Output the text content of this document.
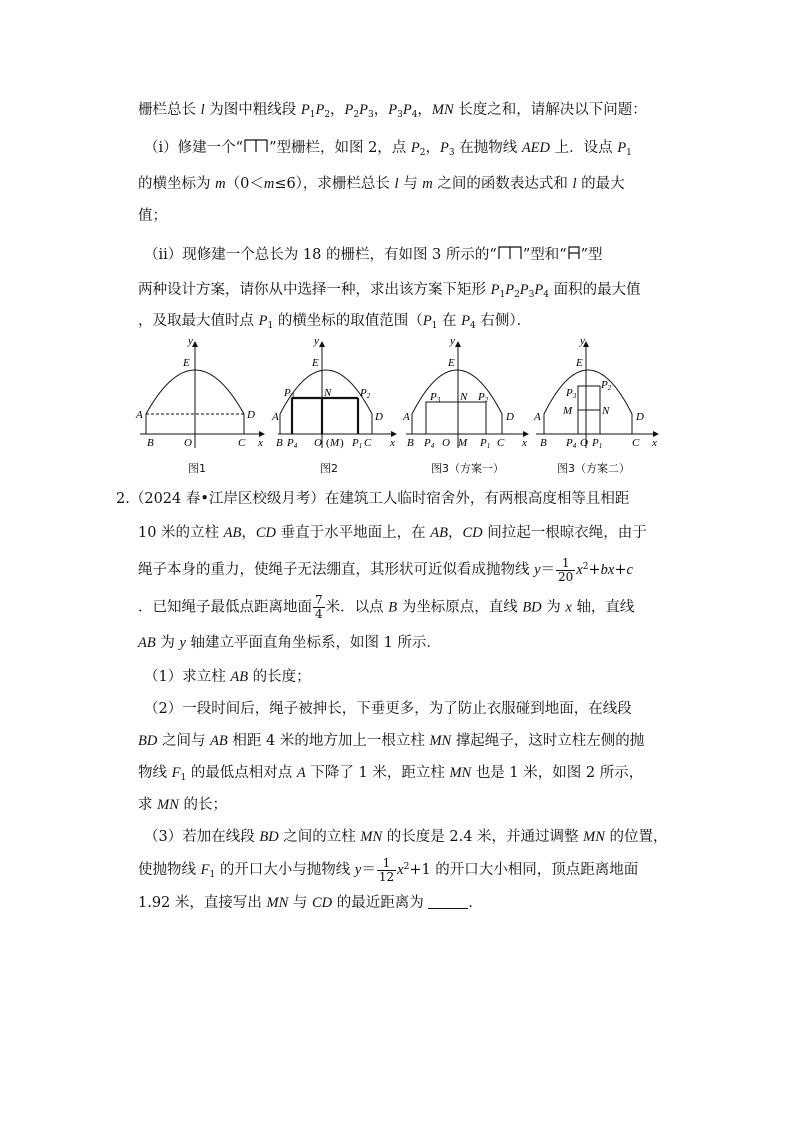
栅栏总长 l 为图中粗线段 $P_1P_2$，$P_2P_3$，$P_3P_4$，MN 长度之和，请解决以下问题：
（ⅰ）修建一个“ ”型栅栏，如图 2，点 $P_2$，$P_3$ 在抛物线 AED 上．设点 $P_1$
的横坐标为 m（0＜m≤6），求栅栏总长 l 与 m 之间的函数表达式和 l 的最大
值；
（ⅱ）现修建一个总长为 18 的栅栏，有如图 3 所示的“ ”型和“ ”型
两种设计方案，请你从中选择一种，求出该方案下矩形 $P_1P_2P_3P_4$ 面积的最大值
，及取最大值时点 $P_1$ 的横坐标的取值范围（$P_1$ 在 $P_4$ 右侧）．
y
E
A	D
B	O	C x
图1
y
E
P3	N	P2
A	D
B P4 O ( M ) P1 C x
图2
y
E
P3 N P2
A	D
B P4 O M P1 C x
图3（方案一）
y
E
P3
P2
M	N
A	D
B P4 O P1	C x
图3（方案二）
2.（2024 春•江岸区校级月考）在建筑工人临时宿舍外，有两根高度相等且相距
10 米的立柱 AB，CD 垂直于水平地面上，在 AB，CD 间拉起一根晾衣绳，由于
绳子本身的重力，使绳子无法绷直，其形状可近似看成抛物线 $y= \frac{1}{20} x^2+bx+c$
．已知绳子最低点距离地面 $\frac{7}{4}$ 米．以点 B 为坐标原点，直线 BD 为 x 轴，直线
AB 为 y 轴建立平面直角坐标系，如图 1 所示．
（1）求立柱 AB 的长度；
（2）一段时间后，绳子被抻长，下垂更多，为了防止衣服碰到地面，在线段
BD 之间与 AB 相距 4 米的地方加上一根立柱 MN 撑起绳子，这时立柱左侧的抛
物线 $F_1$ 的最低点相对点 A 下降了 1 米，距立柱 MN 也是 1 米，如图 2 所示，
求 MN 的长；
（3）若加在线段 BD 之间的立柱 MN 的长度是 2.4 米，并通过调整 MN 的位置，
使抛物线 $F_1$ 的开口大小与抛物线 $y= \frac{1}{12} x^2+1$ 的开口大小相同，顶点距离地面
1.92 米，直接写出 MN 与 CD 的最近距离为	．
